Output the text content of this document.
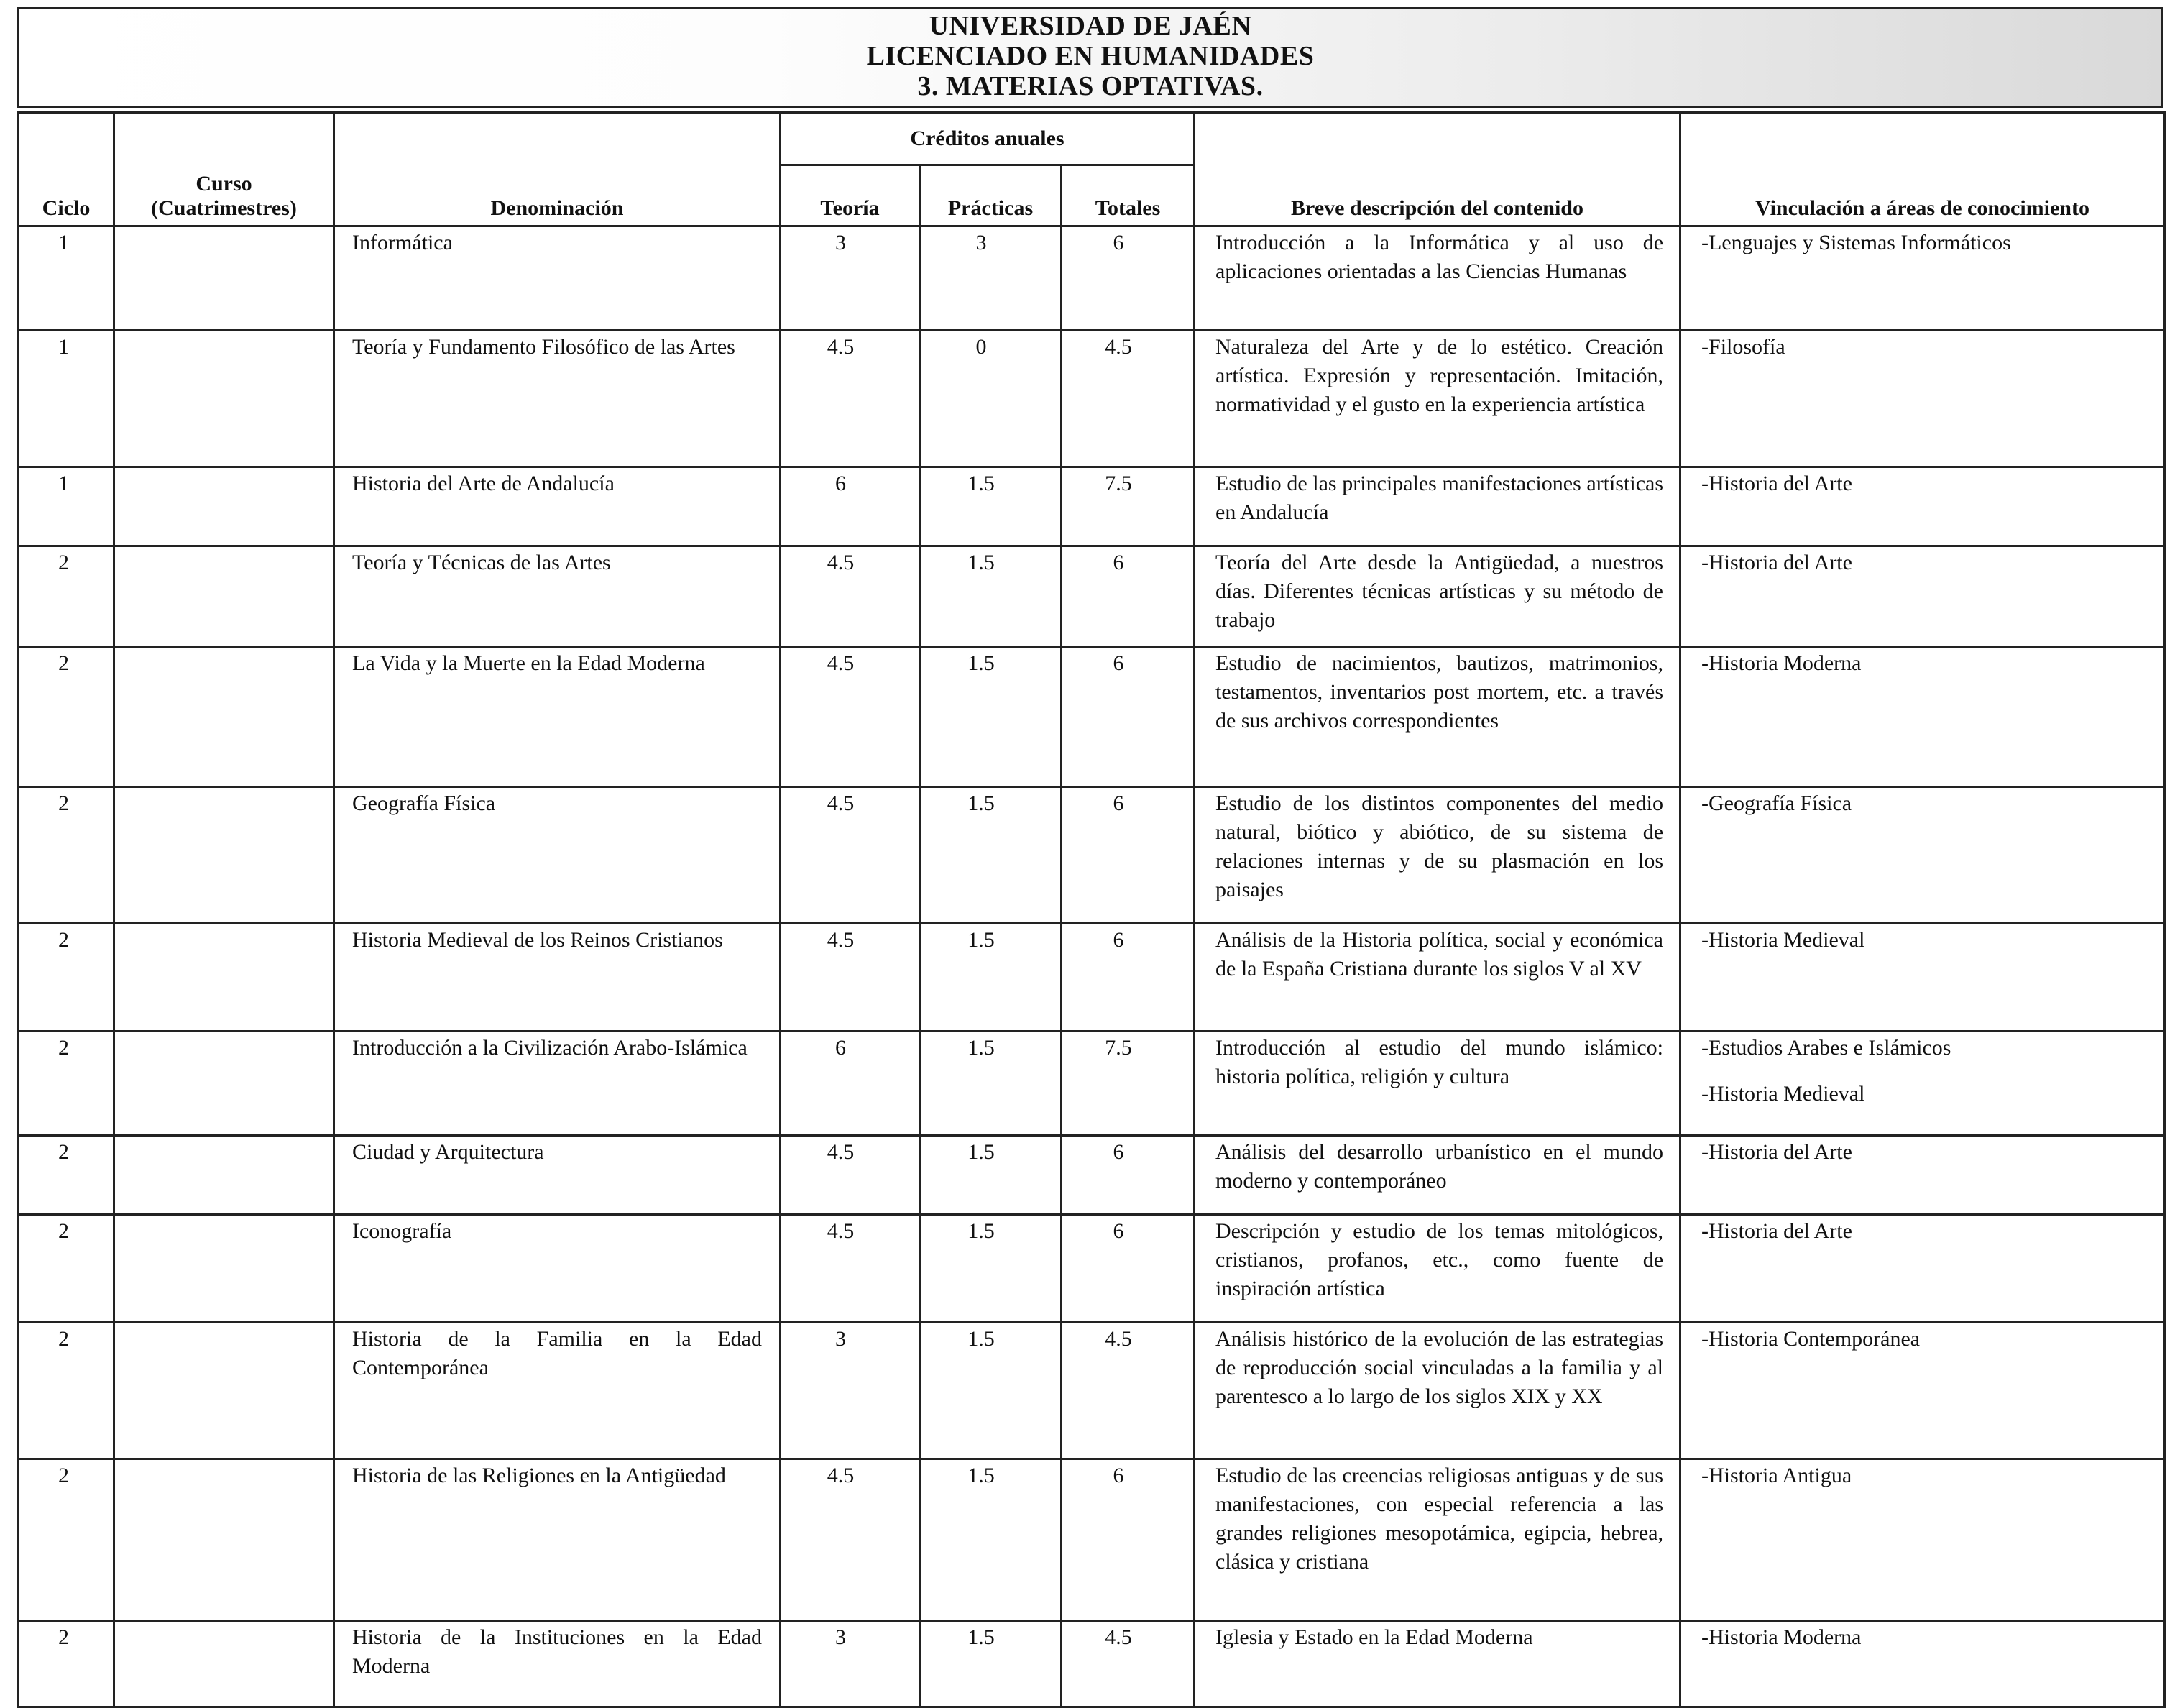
UNIVERSIDAD DE JAÉN
LICENCIADO EN HUMANIDADES
3. MATERIAS OPTATIVAS.
Ciclo	Curso (Cuatrimestres)	Denominación	Créditos anuales			Breve descripción del contenido	Vinculación a áreas de conocimiento
			Teoría	Prácticas	Totales		
1		Informática	3	3	6	Introducción a la Informática y al uso de aplicaciones orientadas a las Ciencias Humanas	-Lenguajes y Sistemas Informáticos

1		Teoría y Fundamento Filosófico de las Artes	4.5	0	4.5	Naturaleza del Arte y de lo estético. Creación artística. Expresión y representación. Imitación, normatividad y el gusto en la experiencia artística	-Filosofía

1		Historia del Arte de Andalucía	6	1.5	7.5	Estudio de las principales manifestaciones artísticas en Andalucía	-Historia del Arte

2		Teoría y Técnicas de las Artes	4.5	1.5	6	Teoría del Arte desde la Antigüedad, a nuestros días. Diferentes técnicas artísticas y su método de trabajo	-Historia del Arte

2		La Vida y la Muerte en la Edad Moderna	4.5	1.5	6	Estudio de nacimientos, bautizos, matrimonios, testamentos, inventarios post mortem, etc. a través de sus archivos correspondientes	-Historia Moderna

2		Geografía Física	4.5	1.5	6	Estudio de los distintos componentes del medio natural, biótico y abiótico, de su sistema de relaciones internas y de su plasmación en los paisajes	-Geografía Física

2		Historia Medieval de los Reinos Cristianos	4.5	1.5	6	Análisis de la Historia política, social y económica de la España Cristiana durante los siglos V al XV	-Historia Medieval

2		Introducción a la Civilización Arabo-Islámica	6	1.5	7.5	Introducción al estudio del mundo islámico: historia política, religión y cultura	-Estudios Arabes e Islámicos
-Historia Medieval

2		Ciudad y Arquitectura	4.5	1.5	6	Análisis del desarrollo urbanístico en el mundo moderno y contemporáneo	-Historia del Arte

2		Iconografía	4.5	1.5	6	Descripción y estudio de los temas mitológicos, cristianos, profanos, etc., como fuente de inspiración artística	-Historia del Arte

2		Historia de la Familia en la Edad Contemporánea	3	1.5	4.5	Análisis histórico de la evolución de las estrategias de reproducción social vinculadas a la familia y al parentesco a lo largo de los siglos XIX y XX	-Historia Contemporánea

2		Historia de las Religiones en la Antigüedad	4.5	1.5	6	Estudio de las creencias religiosas antiguas y de sus manifestaciones, con especial referencia a las grandes religiones mesopotámica, egipcia, hebrea, clásica y cristiana	-Historia Antigua

2		Historia de la Instituciones en la Edad Moderna	3	1.5	4.5	Iglesia y Estado en la Edad Moderna	-Historia Moderna
